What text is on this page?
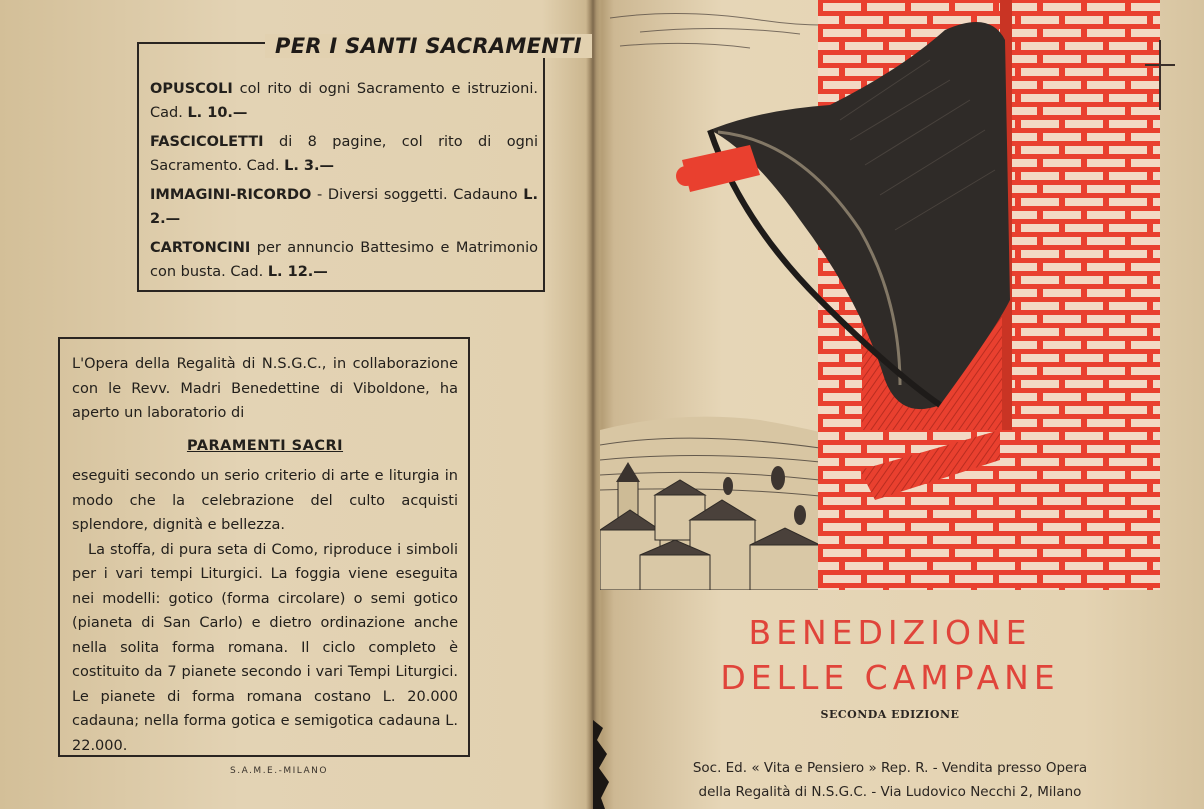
PER I SANTI SACRAMENTI
OPUSCOLI col rito di ogni Sacramento e istruzioni. Cad. L. 10.—
FASCICOLETTI di 8 pagine, col rito di ogni Sacramento. Cad. L. 3.—
IMMAGINI-RICORDO - Diversi soggetti. Cadauno L. 2.—
CARTONCINI per annuncio Battesimo e Matrimonio con busta. Cad. L. 12.—

L'Opera della Regalità di N.S.G.C., in collaborazione con le Revv. Madri Benedettine di Viboldone, ha aperto un laboratorio di

PARAMENTI SACRI

eseguiti secondo un serio criterio di arte e liturgia in modo che la celebrazione del culto acquisti splendore, dignità e bellezza.

La stoffa, di pura seta di Como, riproduce i simboli per i vari tempi Liturgici. La foggia viene eseguita nei modelli: gotico (forma circolare) o semi gotico (pianeta di San Carlo) e dietro ordinazione anche nella solita forma romana. Il ciclo completo è costituito da 7 pianete secondo i vari Tempi Liturgici. Le pianete di forma romana costano L. 20.000 cadauna; nella forma gotica e semigotica cadauna L. 22.000.

S.A.M.E.-MILANO
BENEDIZIONE
DELLE CAMPANE
SECONDA EDIZIONE
Soc. Ed. « Vita e Pensiero » Rep. R. - Vendita presso Opera
della Regalità di N.S.G.C. - Via Ludovico Necchi 2, Milano
